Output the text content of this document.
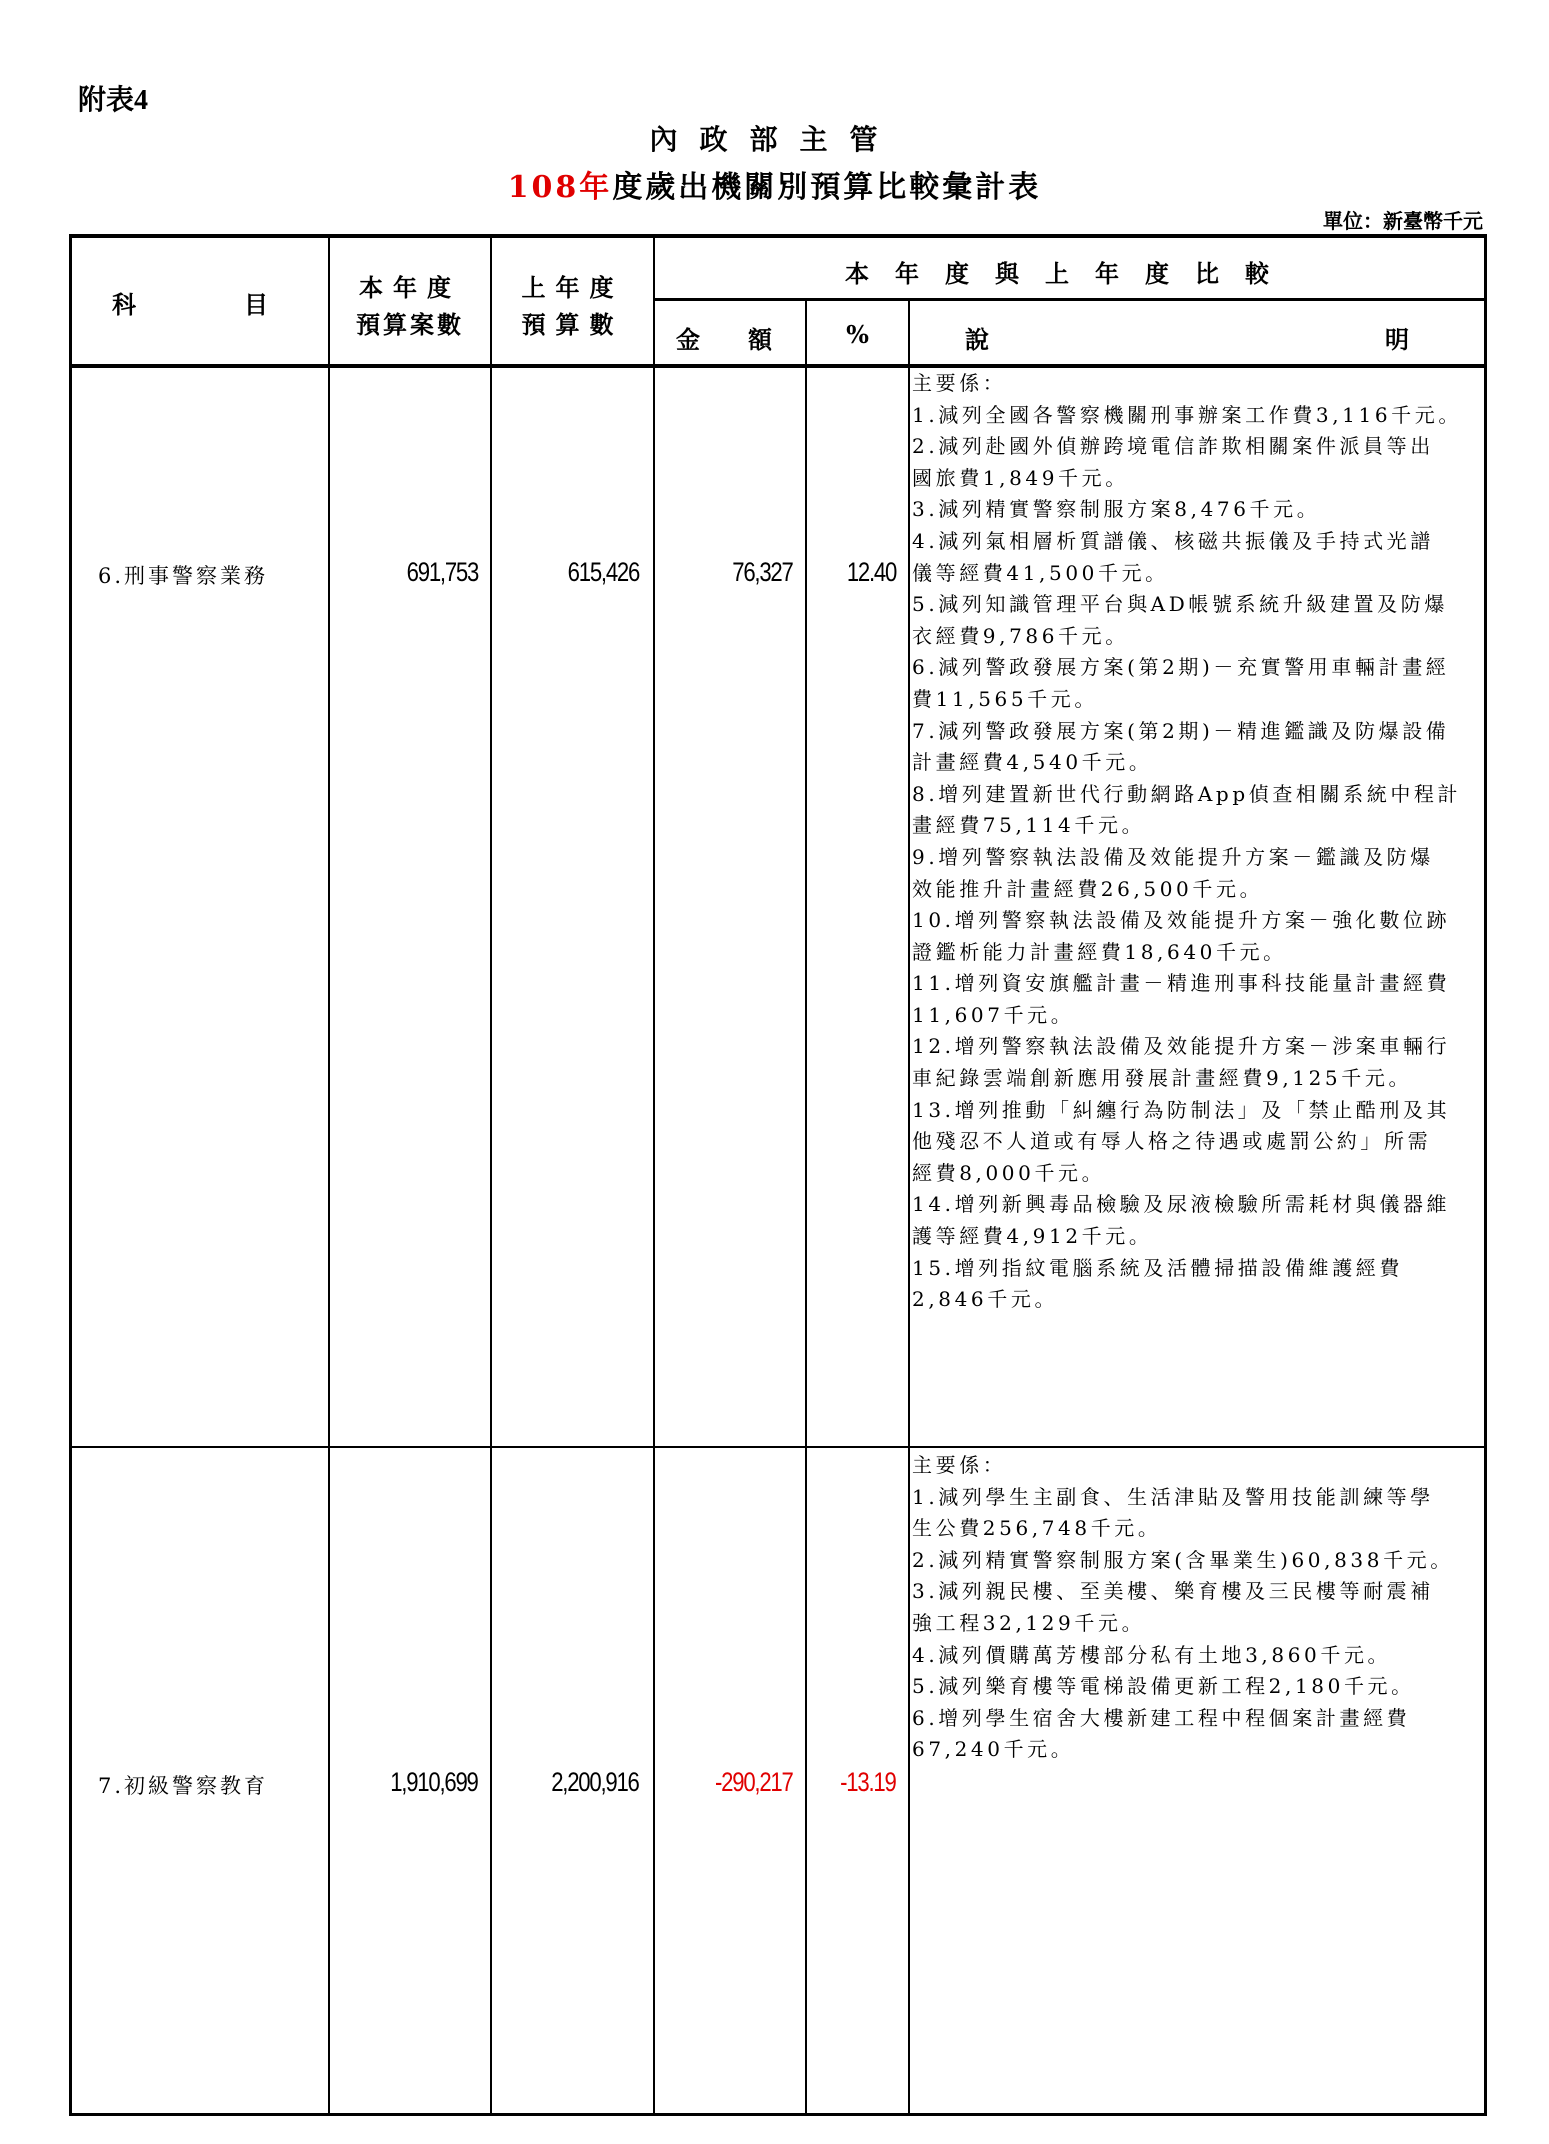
附表4
內政部主管
108年度歲出機關別預算比較彙計表
單位：新臺幣千元
科　　目
本年度
預算案數
上年度
預算數
本年度與上年度比較
金　額	%	說	明
6.刑事警察業務	691,753	615,426	76,327 12.40
主要係：
1.減列全國各警察機關刑事辦案工作費3,116千元。
2.減列赴國外偵辦跨境電信詐欺相關案件派員等出
國旅費1,849千元。
3.減列精實警察制服方案8,476千元。
4.減列氣相層析質譜儀、核磁共振儀及手持式光譜
儀等經費41,500千元。
5.減列知識管理平台與AD帳號系統升級建置及防爆
衣經費9,786千元。
6.減列警政發展方案(第2期)－充實警用車輛計畫經
費11,565千元。
7.減列警政發展方案(第2期)－精進鑑識及防爆設備
計畫經費4,540千元。
8.增列建置新世代行動網路App偵查相關系統中程計
畫經費75,114千元。
9.增列警察執法設備及效能提升方案－鑑識及防爆
效能推升計畫經費26,500千元。
10.增列警察執法設備及效能提升方案－強化數位跡
證鑑析能力計畫經費18,640千元。
11.增列資安旗艦計畫－精進刑事科技能量計畫經費
11,607千元。
12.增列警察執法設備及效能提升方案－涉案車輛行
車紀錄雲端創新應用發展計畫經費9,125千元。
13.增列推動「糾纏行為防制法」及「禁止酷刑及其
他殘忍不人道或有辱人格之待遇或處罰公約」所需
經費8,000千元。
14.增列新興毒品檢驗及尿液檢驗所需耗材與儀器維
護等經費4,912千元。
15.增列指紋電腦系統及活體掃描設備維護經費
2,846千元。
7.初級警察教育	1,910,699	2,200,916	-290,217 -13.19
主要係：
1.減列學生主副食、生活津貼及警用技能訓練等學
生公費256,748千元。
2.減列精實警察制服方案(含畢業生)60,838千元。
3.減列親民樓、至美樓、樂育樓及三民樓等耐震補
強工程32,129千元。
4.減列價購萬芳樓部分私有土地3,860千元。
5.減列樂育樓等電梯設備更新工程2,180千元。
6.增列學生宿舍大樓新建工程中程個案計畫經費
67,240千元。
